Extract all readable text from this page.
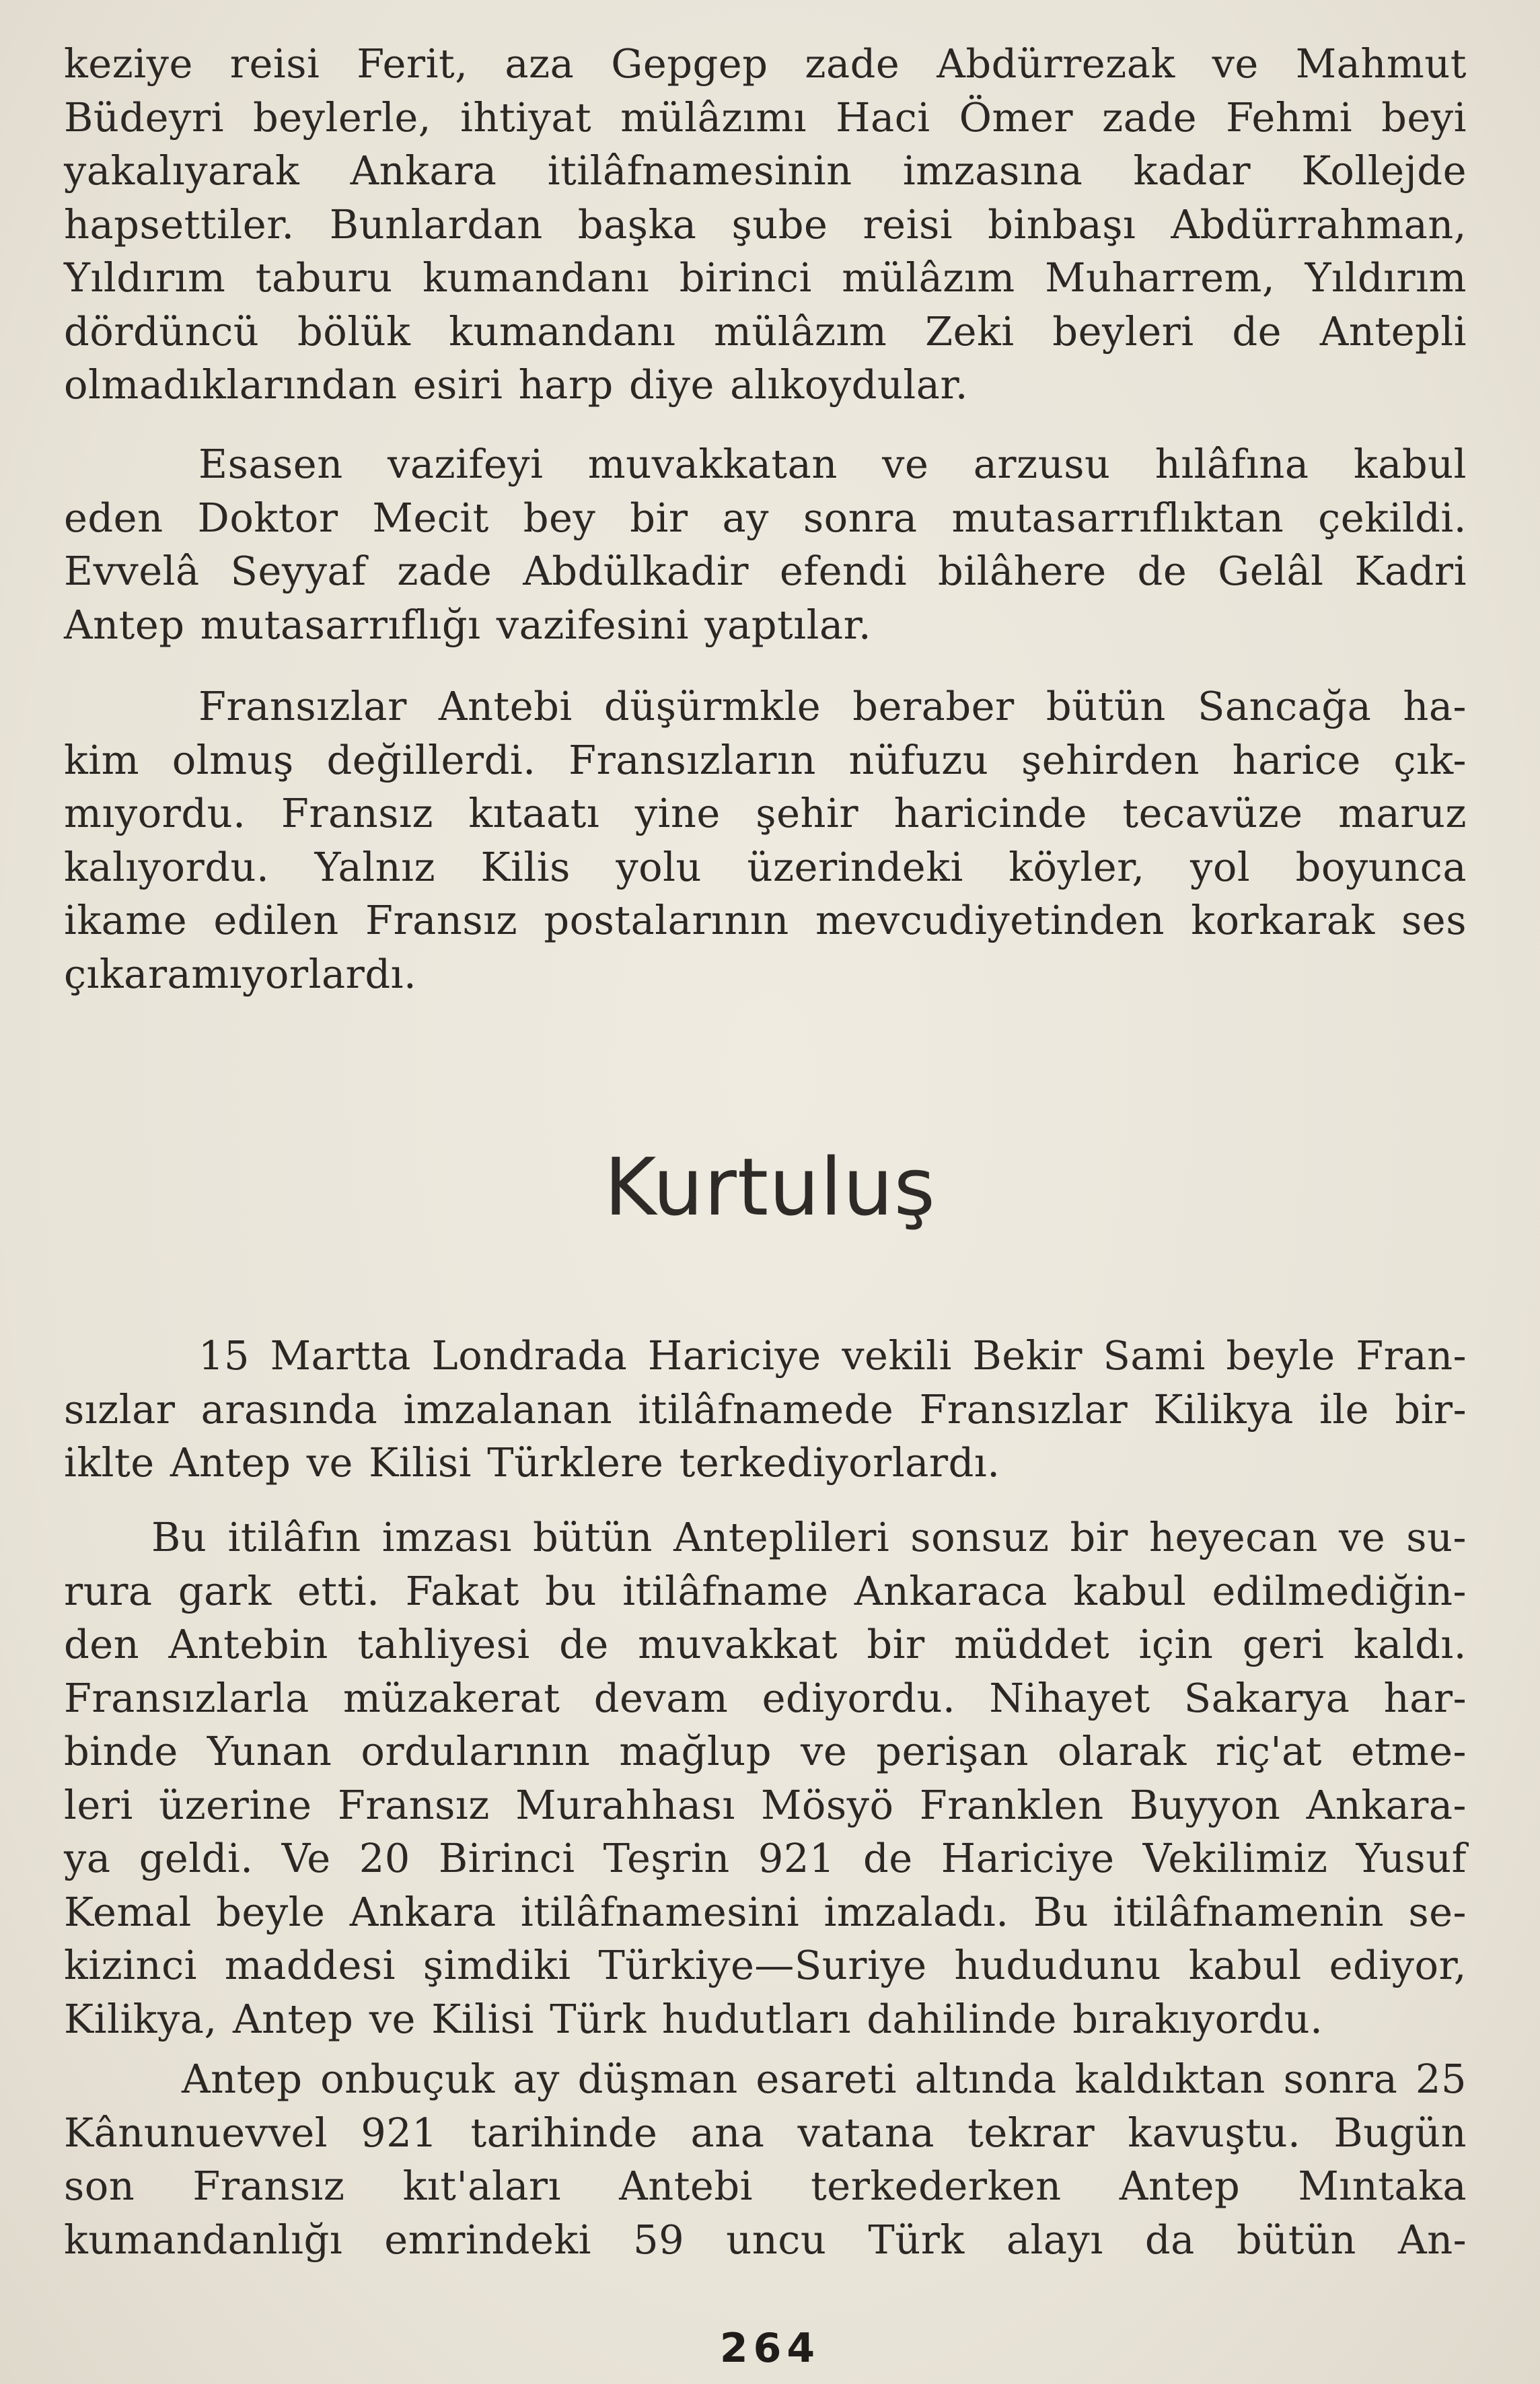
keziye reisi Ferit, aza Gepgep zade Abdürrezak ve Mahmut
Büdeyri beylerle, ihtiyat mülâzımı Haci Ömer zade Fehmi beyi
yakalıyarak Ankara itilâfnamesinin imzasına kadar Kollejde
hapsettiler. Bunlardan başka şube reisi binbaşı Abdürrahman,
Yıldırım taburu kumandanı birinci mülâzım Muharrem, Yıldırım
dördüncü bölük kumandanı mülâzım Zeki beyleri de Antepli
olmadıklarından esiri harp diye alıkoydular.

Esasen vazifeyi muvakkatan ve arzusu hılâfına kabul
eden Doktor Mecit bey bir ay sonra mutasarrıflıktan çekildi.
Evvelâ Seyyaf zade Abdülkadir efendi bilâhere de Gelâl Kadri
Antep mutasarrıflığı vazifesini yaptılar.

Fransızlar Antebi düşürmkle beraber bütün Sancağa ha-
kim olmuş değillerdi. Fransızların nüfuzu şehirden harice çık-
mıyordu. Fransız kıtaatı yine şehir haricinde tecavüze maruz
kalıyordu. Yalnız Kilis yolu üzerindeki köyler, yol boyunca
ikame edilen Fransız postalarının mevcudiyetinden korkarak ses
çıkaramıyorlardı.

Kurtuluş

15 Martta Londrada Hariciye vekili Bekir Sami beyle Fran-
sızlar arasında imzalanan itilâfnamede Fransızlar Kilikya ile bir-
iklte Antep ve Kilisi Türklere terkediyorlardı.

Bu itilâfın imzası bütün Anteplileri sonsuz bir heyecan ve su-
rura gark etti. Fakat bu itilâfname Ankaraca kabul edilmediğin-
den Antebin tahliyesi de muvakkat bir müddet için geri kaldı.
Fransızlarla müzakerat devam ediyordu. Nihayet Sakarya har-
binde Yunan ordularının mağlup ve perişan olarak riç'at etme-
leri üzerine Fransız Murahhası Mösyö Franklen Buyyon Ankara-
ya geldi. Ve 20 Birinci Teşrin 921 de Hariciye Vekilimiz Yusuf
Kemal beyle Ankara itilâfnamesini imzaladı. Bu itilâfnamenin se-
kizinci maddesi şimdiki Türkiye—Suriye hududunu kabul ediyor,
Kilikya, Antep ve Kilisi Türk hudutları dahilinde bırakıyordu.

Antep onbuçuk ay düşman esareti altında kaldıktan sonra 25
Kânunuevvel 921 tarihinde ana vatana tekrar kavuştu. Bugün
son Fransız kıt'aları Antebi terkederken Antep Mıntaka
kumandanlığı emrindeki 59 uncu Türk alayı da bütün An-

264
